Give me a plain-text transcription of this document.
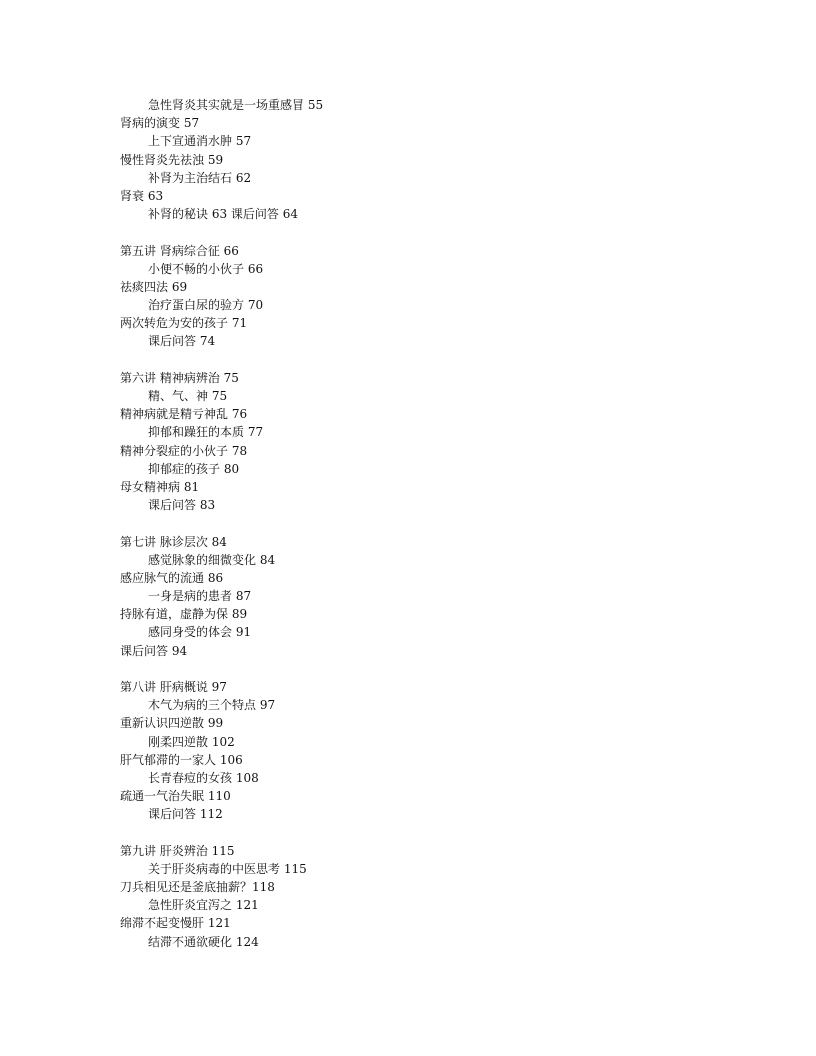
急性肾炎其实就是一场重感冒 55
肾病的演变 57
上下宣通消水肿 57
慢性肾炎先祛浊 59
补肾为主治结石 62
肾衰 63
补肾的秘诀 63 课后问答 64
第五讲 肾病综合征 66
小便不畅的小伙子 66
祛痰四法 69
治疗蛋白尿的验方 70
两次转危为安的孩子 71
课后问答 74
第六讲 精神病辨治 75
精、气、神 75
精神病就是精亏神乱 76
抑郁和躁狂的本质 77
精神分裂症的小伙子 78
抑郁症的孩子 80
母女精神病 81
课后问答 83
第七讲 脉诊层次 84
感觉脉象的细微变化 84
感应脉气的流通 86
一身是病的患者 87
持脉有道，虚静为保 89
感同身受的体会 91
课后问答 94
第八讲 肝病概说 97
木气为病的三个特点 97
重新认识四逆散 99
刚柔四逆散 102
肝气郁滞的一家人 106
长青春痘的女孩 108
疏通一气治失眠 110
课后问答 112
第九讲 肝炎辨治 115
关于肝炎病毒的中医思考 115
刀兵相见还是釜底抽薪？118
急性肝炎宜泻之 121
绵滞不起变慢肝 121
结滞不通欲硬化 124
